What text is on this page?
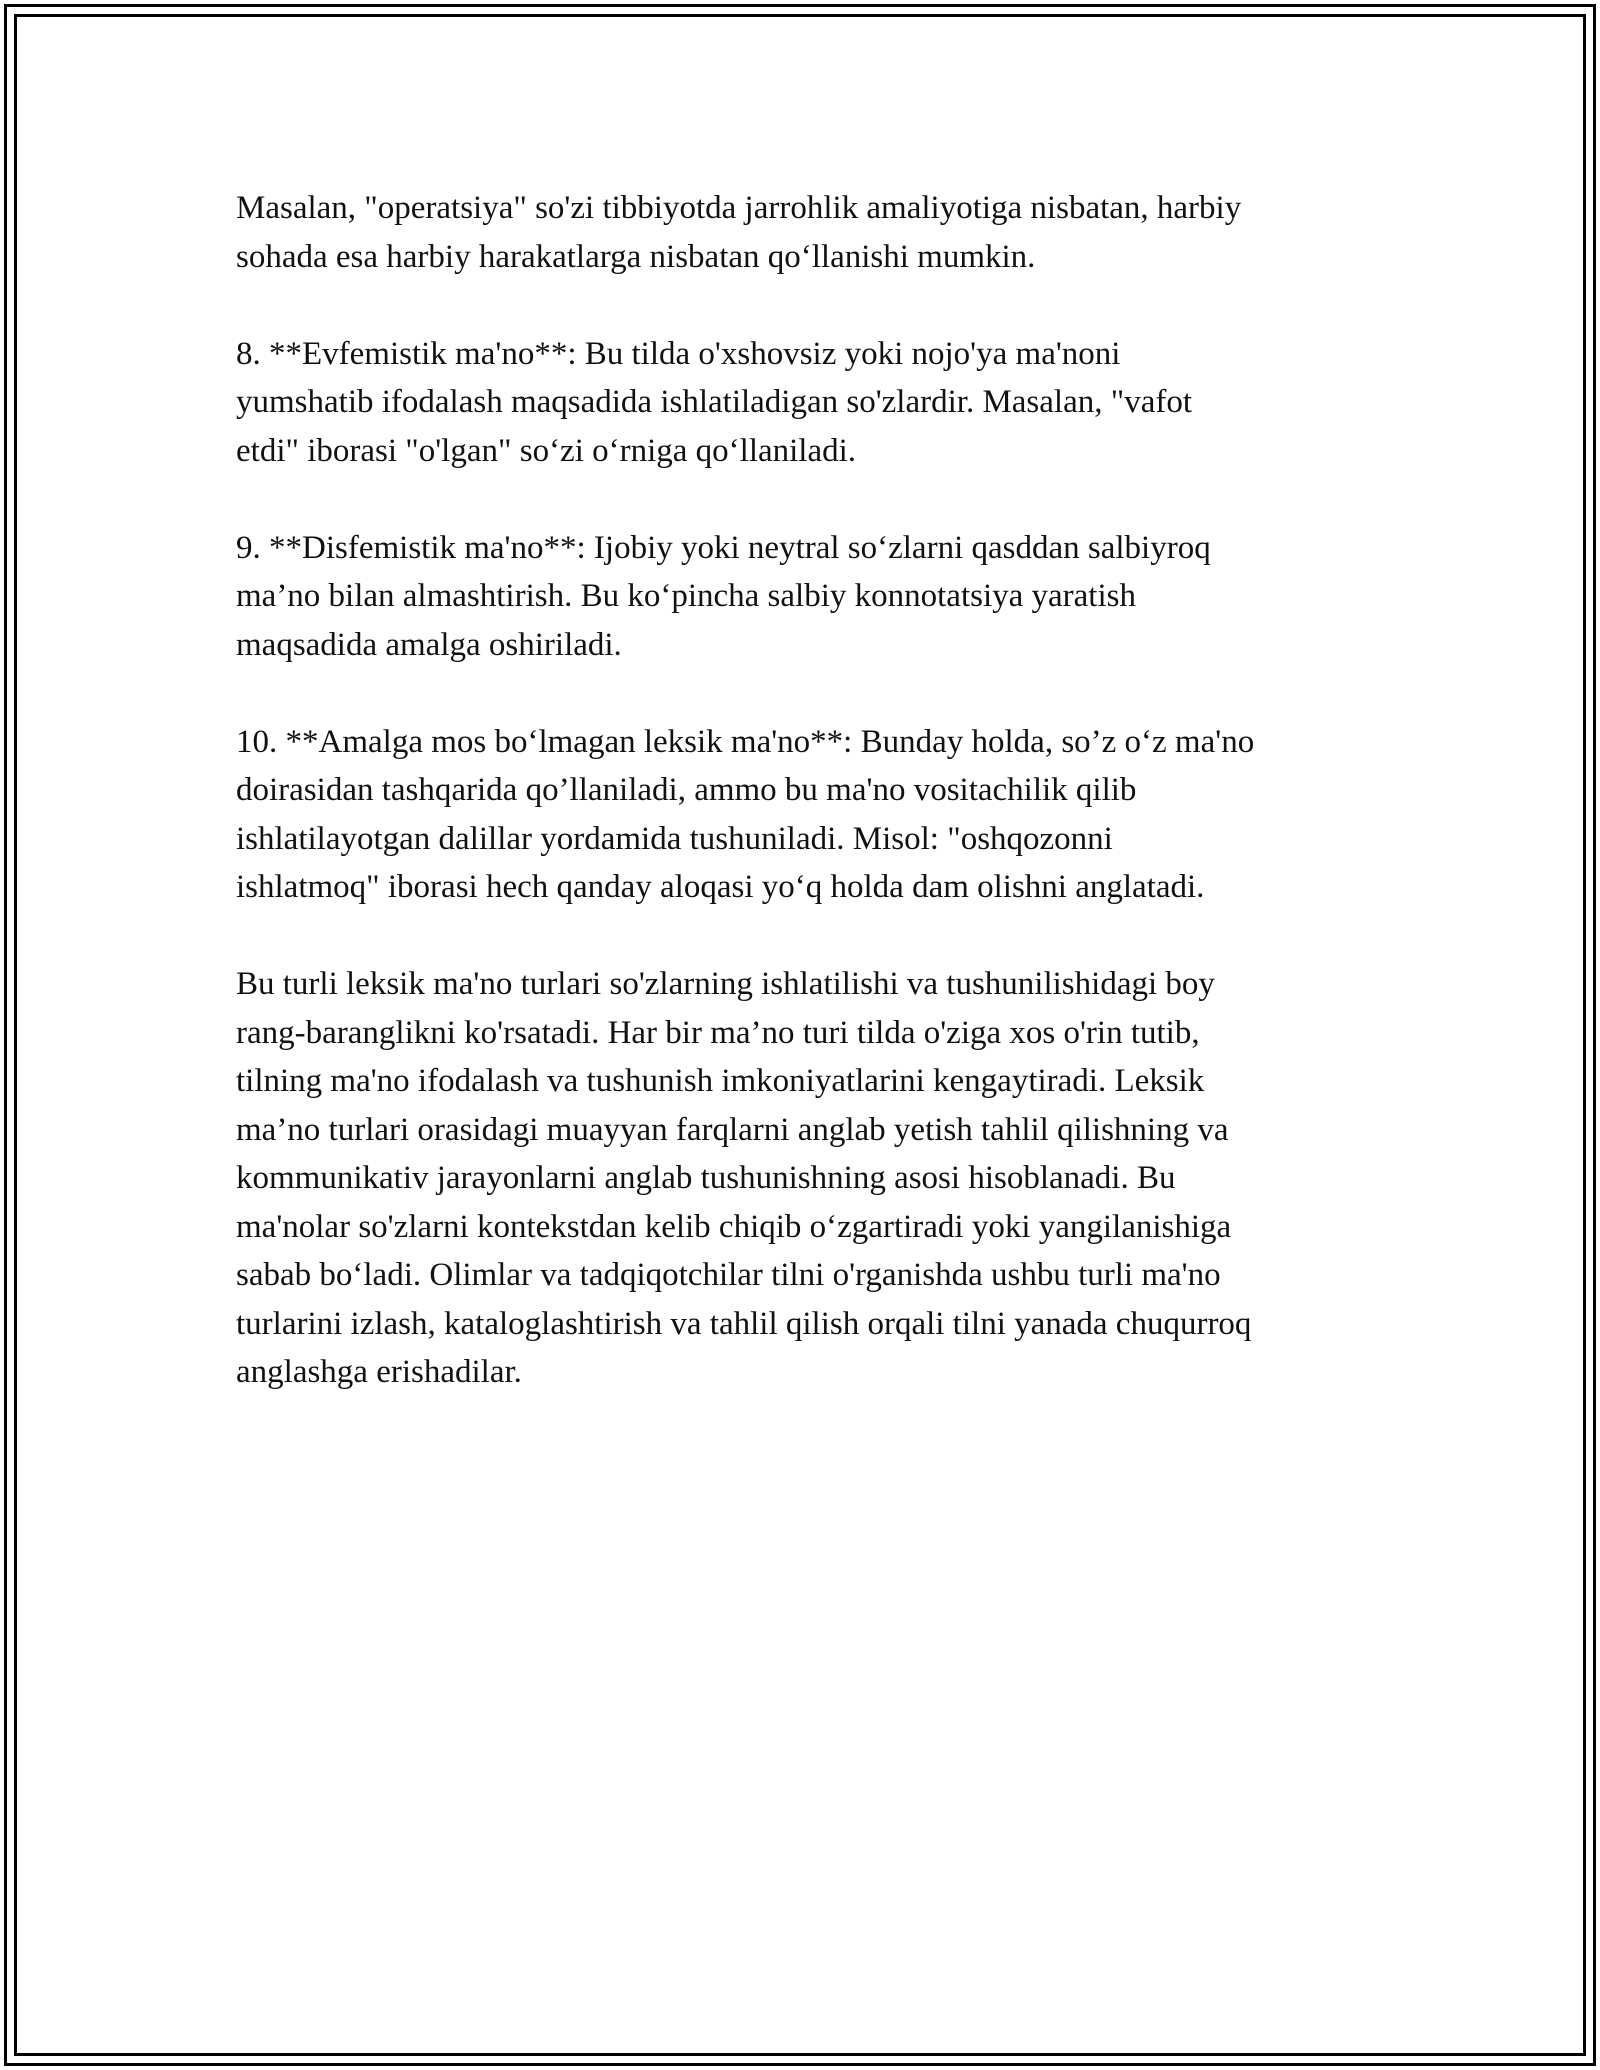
Masalan, "operatsiya" so'zi tibbiyotda jarrohlik amaliyotiga nisbatan, harbiy
sohada esa harbiy harakatlarga nisbatan qo‘llanishi mumkin.

8. **Evfemistik ma'no**: Bu tilda o'xshovsiz yoki nojo'ya ma'noni
yumshatib ifodalash maqsadida ishlatiladigan so'zlardir. Masalan, "vafot
etdi" iborasi "o'lgan" so‘zi o‘rniga qo‘llaniladi.

9. **Disfemistik ma'no**: Ijobiy yoki neytral so‘zlarni qasddan salbiyroq
ma’no bilan almashtirish. Bu ko‘pincha salbiy konnotatsiya yaratish
maqsadida amalga oshiriladi.

10. **Amalga mos bo‘lmagan leksik ma'no**: Bunday holda, so’z o‘z ma'no
doirasidan tashqarida qo’llaniladi, ammo bu ma'no vositachilik qilib
ishlatilayotgan dalillar yordamida tushuniladi. Misol: "oshqozonni
ishlatmoq" iborasi hech qanday aloqasi yo‘q holda dam olishni anglatadi.

Bu turli leksik ma'no turlari so'zlarning ishlatilishi va tushunilishidagi boy
rang-baranglikni ko'rsatadi. Har bir ma’no turi tilda o'ziga xos o'rin tutib,
tilning ma'no ifodalash va tushunish imkoniyatlarini kengaytiradi. Leksik
ma’no turlari orasidagi muayyan farqlarni anglab yetish tahlil qilishning va
kommunikativ jarayonlarni anglab tushunishning asosi hisoblanadi. Bu
ma'nolar so'zlarni kontekstdan kelib chiqib o‘zgartiradi yoki yangilanishiga
sabab bo‘ladi. Olimlar va tadqiqotchilar tilni o'rganishda ushbu turli ma'no
turlarini izlash, kataloglashtirish va tahlil qilish orqali tilni yanada chuqurroq
anglashga erishadilar.
